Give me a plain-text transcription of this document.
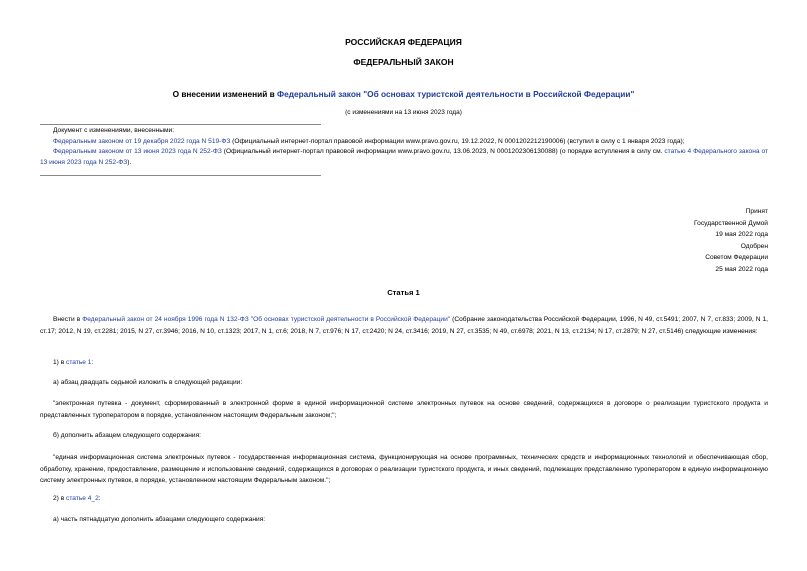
РОССИЙСКАЯ ФЕДЕРАЦИЯ
ФЕДЕРАЛЬНЫЙ ЗАКОН
О внесении изменений в Федеральный закон "Об основах туристской деятельности в Российской Федерации"
(с изменениями на 13 июня 2023 года)
Документ с изменениями, внесенными:
Федеральным законом от 19 декабря 2022 года N 519-ФЗ (Официальный интернет-портал правовой информации www.pravo.gov.ru, 19.12.2022, N 0001202212190006) (вступил в силу с 1 января 2023 года);
Федеральным законом от 13 июня 2023 года N 252-ФЗ (Официальный интернет-портал правовой информации www.pravo.gov.ru, 13.06.2023, N 0001202306130088) (о порядке вступления в силу см. статью 4 Федерального закона от 13 июня 2023 года N 252-ФЗ).
Принят
Государственной Думой
19 мая 2022 года
Одобрен
Советом Федерации
25 мая 2022 года
Статья 1
Внести в Федеральный закон от 24 ноября 1996 года N 132-ФЗ "Об основах туристской деятельности в Российской Федерации" (Собрание законодательства Российской Федерации, 1996, N 49, ст.5491; 2007, N 7, ст.833; 2009, N 1, ст.17; 2012, N 19, ст.2281; 2015, N 27, ст.3946; 2016, N 10, ст.1323; 2017, N 1, ст.6; 2018, N 7, ст.976; N 17, ст.2420; N 24, ст.3416; 2019, N 27, ст.3535; N 49, ст.6978; 2021, N 13, ст.2134; N 17, ст.2879; N 27, ст.5146) следующие изменения:
1) в статье 1:
а) абзац двадцать седьмой изложить в следующей редакции:
"электронная путевка - документ, сформированный в электронной форме в единой информационной системе электронных путевок на основе сведений, содержащихся в договоре о реализации туристского продукта и представленных туроператором в порядке, установленном настоящим Федеральным законом;";
б) дополнить абзацем следующего содержания:
"единая информационная система электронных путевок - государственная информационная система, функционирующая на основе программных, технических средств и информационных технологий и обеспечивающая сбор, обработку, хранение, предоставление, размещение и использование сведений, содержащихся в договорах о реализации туристского продукта, и иных сведений, подлежащих представлению туроператором в единую информационную систему электронных путевок, в порядке, установленном настоящим Федеральным законом.";
2) в статье 4_2:
а) часть пятнадцатую дополнить абзацами следующего содержания:
